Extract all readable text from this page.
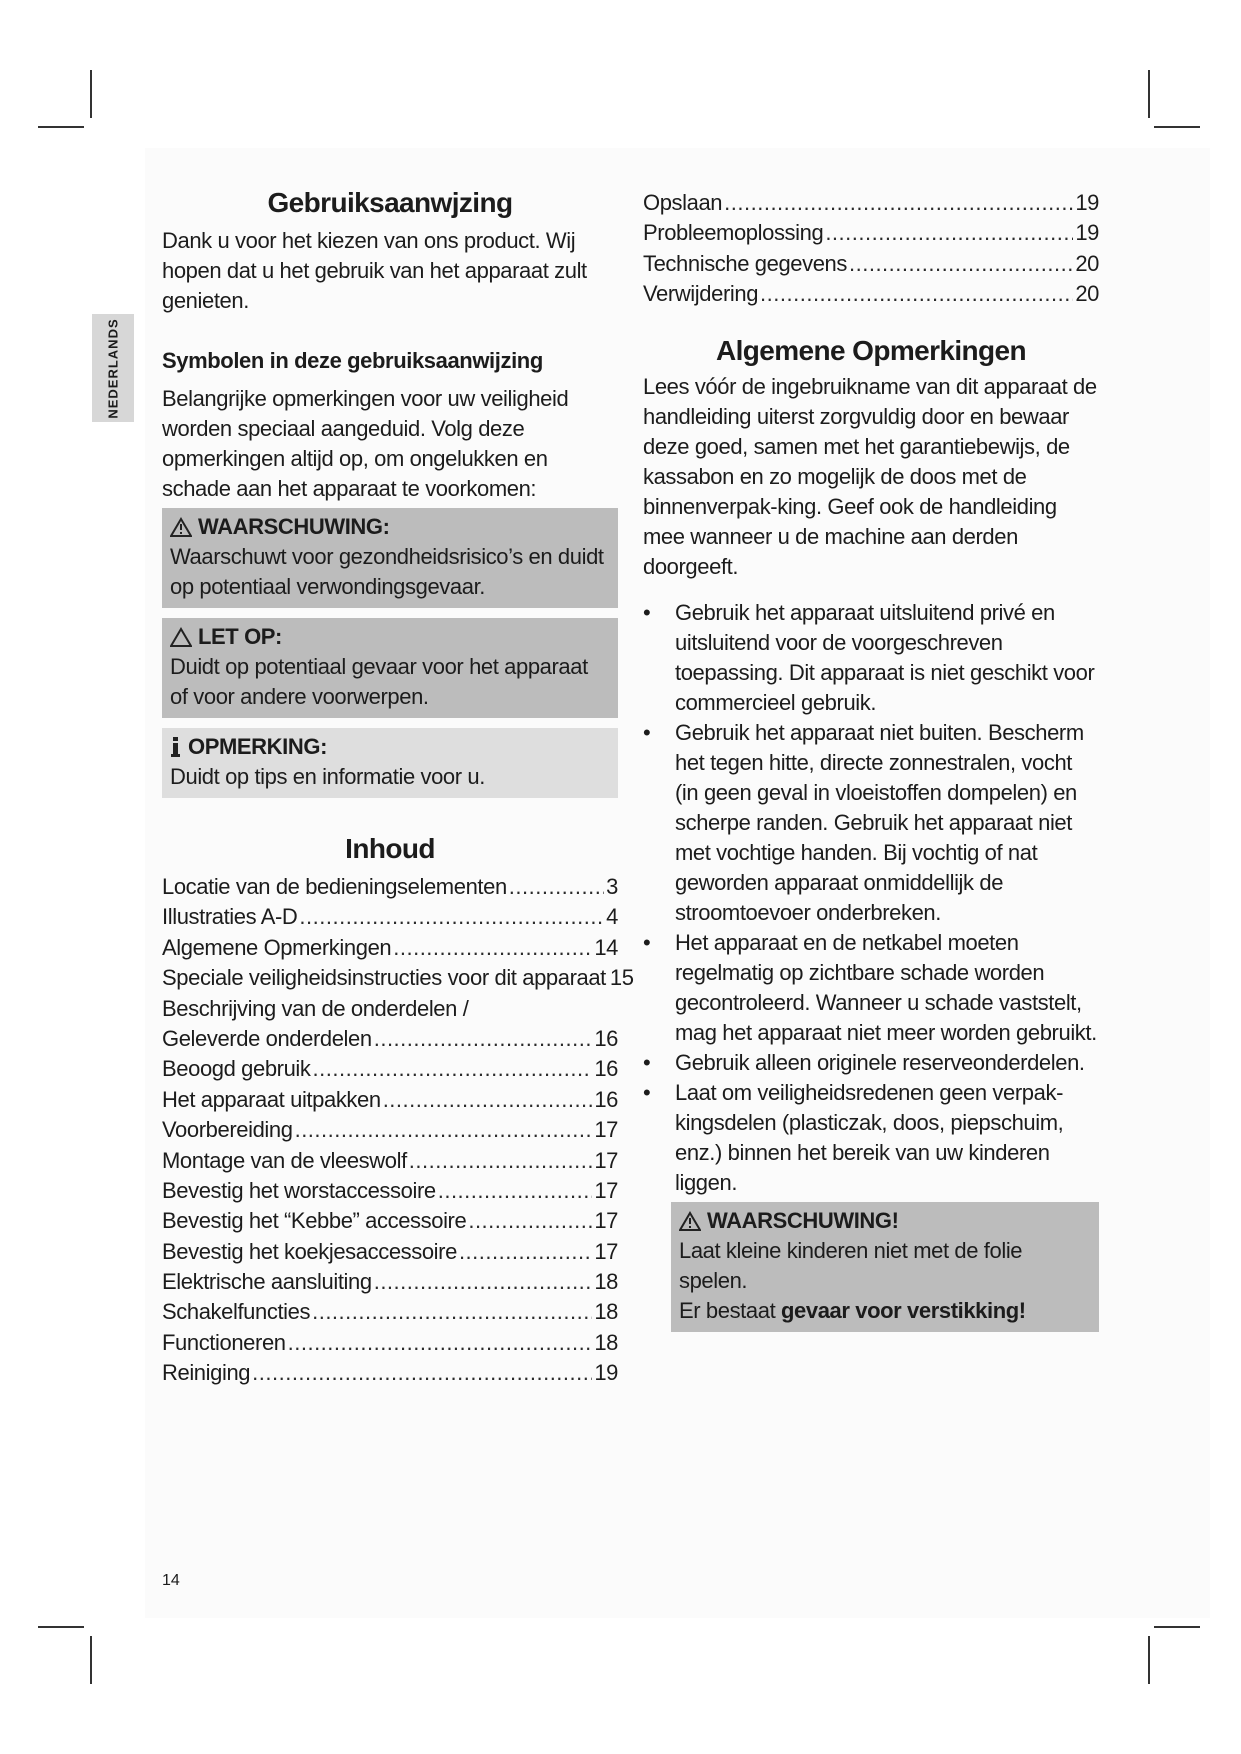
NEDERLANDS
Gebruiksaanwjzing

Dank u voor het kiezen van ons product. Wij hopen dat u het gebruik van het apparaat zult genieten.

Symbolen in deze gebruiksaanwijzing

Belangrijke opmerkingen voor uw veiligheid worden speciaal aangeduid. Volg deze opmerkingen altijd op, om ongelukken en schade aan het apparaat te voorkomen:

WAARSCHUWING:

Waarschuwt voor gezondheidsrisico’s en duidt op potentiaal verwondingsgevaar.

LET OP:

Duidt op potentiaal gevaar voor het apparaat of voor andere voorwerpen.

OPMERKING:

Duidt op tips en informatie voor u.

Inhoud
Locatie van de bedieningselementen .....	3
Illustraties A-D .....	4
Algemene Opmerkingen .....	14
Speciale veiligheidsinstructies voor dit apparaat 15
Beschrijving van de onderdelen /
Geleverde onderdelen .....	16
Beoogd gebruik .....	16
Het apparaat uitpakken .....	16
Voorbereiding .....	17
Montage van de vleeswolf .....	17
Bevestig het worstaccessoire .....	17
Bevestig het “Kebbe” accessoire .....	17
Bevestig het koekjesaccessoire .....	17
Elektrische aansluiting .....	18
Schakelfuncties .....	18
Functioneren .....	18
Reiniging .....	19
Opslaan .....	19
Probleemoplossing .....	19
Technische gegevens .....	20
Verwijdering .....	20
Algemene Opmerkingen

Lees vóór de ingebruikname van dit apparaat de handleiding uiterst zorgvuldig door en bewaar deze goed, samen met het garantiebewijs, de kassabon en zo mogelijk de doos met de binnenverpak-king. Geef ook de handleiding mee wanneer u de machine aan derden doorgeeft.

• Gebruik het apparaat uitsluitend privé en uitsluitend voor de voorgeschreven toepassing. Dit apparaat is niet geschikt voor commercieel gebruik.
• Gebruik het apparaat niet buiten. Bescherm het tegen hitte, directe zonnestralen, vocht (in geen geval in vloeistoffen dompelen) en scherpe randen. Gebruik het apparaat niet met vochtige handen. Bij vochtig of nat geworden apparaat onmiddellijk de stroomtoevoer onderbreken.
• Het apparaat en de netkabel moeten regelmatig op zichtbare schade worden gecontroleerd. Wanneer u schade vaststelt, mag het apparaat niet meer worden gebruikt.
• Gebruik alleen originele reserveonderdelen.
• Laat om veiligheidsredenen geen verpak-kingsdelen (plasticzak, doos, piepschuim, enz.) binnen het bereik van uw kinderen liggen.
WAARSCHUWING!

Laat kleine kinderen niet met de folie spelen.

Er bestaat gevaar voor verstikking!

14
